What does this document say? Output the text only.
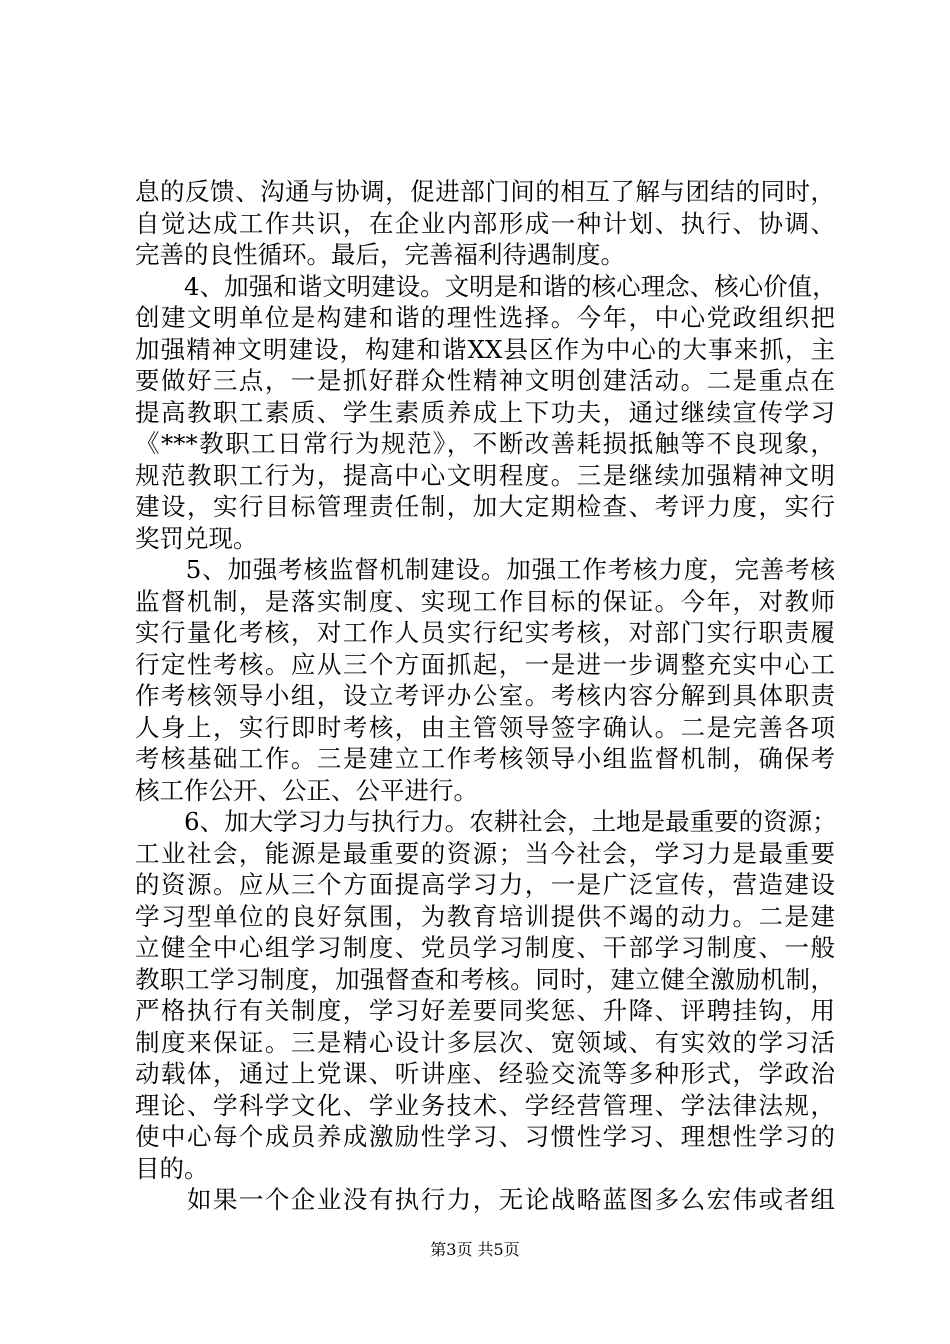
息的反馈、沟通与协调，促进部门间的相互了解与团结的同时，
自觉达成工作共识，在企业内部形成一种计划、执行、协调、
完善的良性循环。最后，完善福利待遇制度。
　　4、加强和谐文明建设。文明是和谐的核心理念、核心价值，
创建文明单位是构建和谐的理性选择。今年，中心党政组织把
加强精神文明建设，构建和谐XX县区作为中心的大事来抓，主
要做好三点，一是抓好群众性精神文明创建活动。二是重点在
提高教职工素质、学生素质养成上下功夫，通过继续宣传学习
《***教职工日常行为规范》，不断改善耗损抵触等不良现象，
规范教职工行为，提高中心文明程度。三是继续加强精神文明
建设，实行目标管理责任制，加大定期检查、考评力度，实行
奖罚兑现。
　　5、加强考核监督机制建设。加强工作考核力度，完善考核
监督机制，是落实制度、实现工作目标的保证。今年，对教师
实行量化考核，对工作人员实行纪实考核，对部门实行职责履
行定性考核。应从三个方面抓起，一是进一步调整充实中心工
作考核领导小组，设立考评办公室。考核内容分解到具体职责
人身上，实行即时考核，由主管领导签字确认。二是完善各项
考核基础工作。三是建立工作考核领导小组监督机制，确保考
核工作公开、公正、公平进行。
　　6、加大学习力与执行力。农耕社会，土地是最重要的资源；
工业社会，能源是最重要的资源；当今社会，学习力是最重要
的资源。应从三个方面提高学习力，一是广泛宣传，营造建设
学习型单位的良好氛围，为教育培训提供不竭的动力。二是建
立健全中心组学习制度、党员学习制度、干部学习制度、一般
教职工学习制度，加强督查和考核。同时，建立健全激励机制，
严格执行有关制度，学习好差要同奖惩、升降、评聘挂钩，用
制度来保证。三是精心设计多层次、宽领域、有实效的学习活
动载体，通过上党课、听讲座、经验交流等多种形式，学政治
理论、学科学文化、学业务技术、学经营管理、学法律法规，
使中心每个成员养成激励性学习、习惯性学习、理想性学习的
目的。
　　如果一个企业没有执行力，无论战略蓝图多么宏伟或者组
第3页 共5页
